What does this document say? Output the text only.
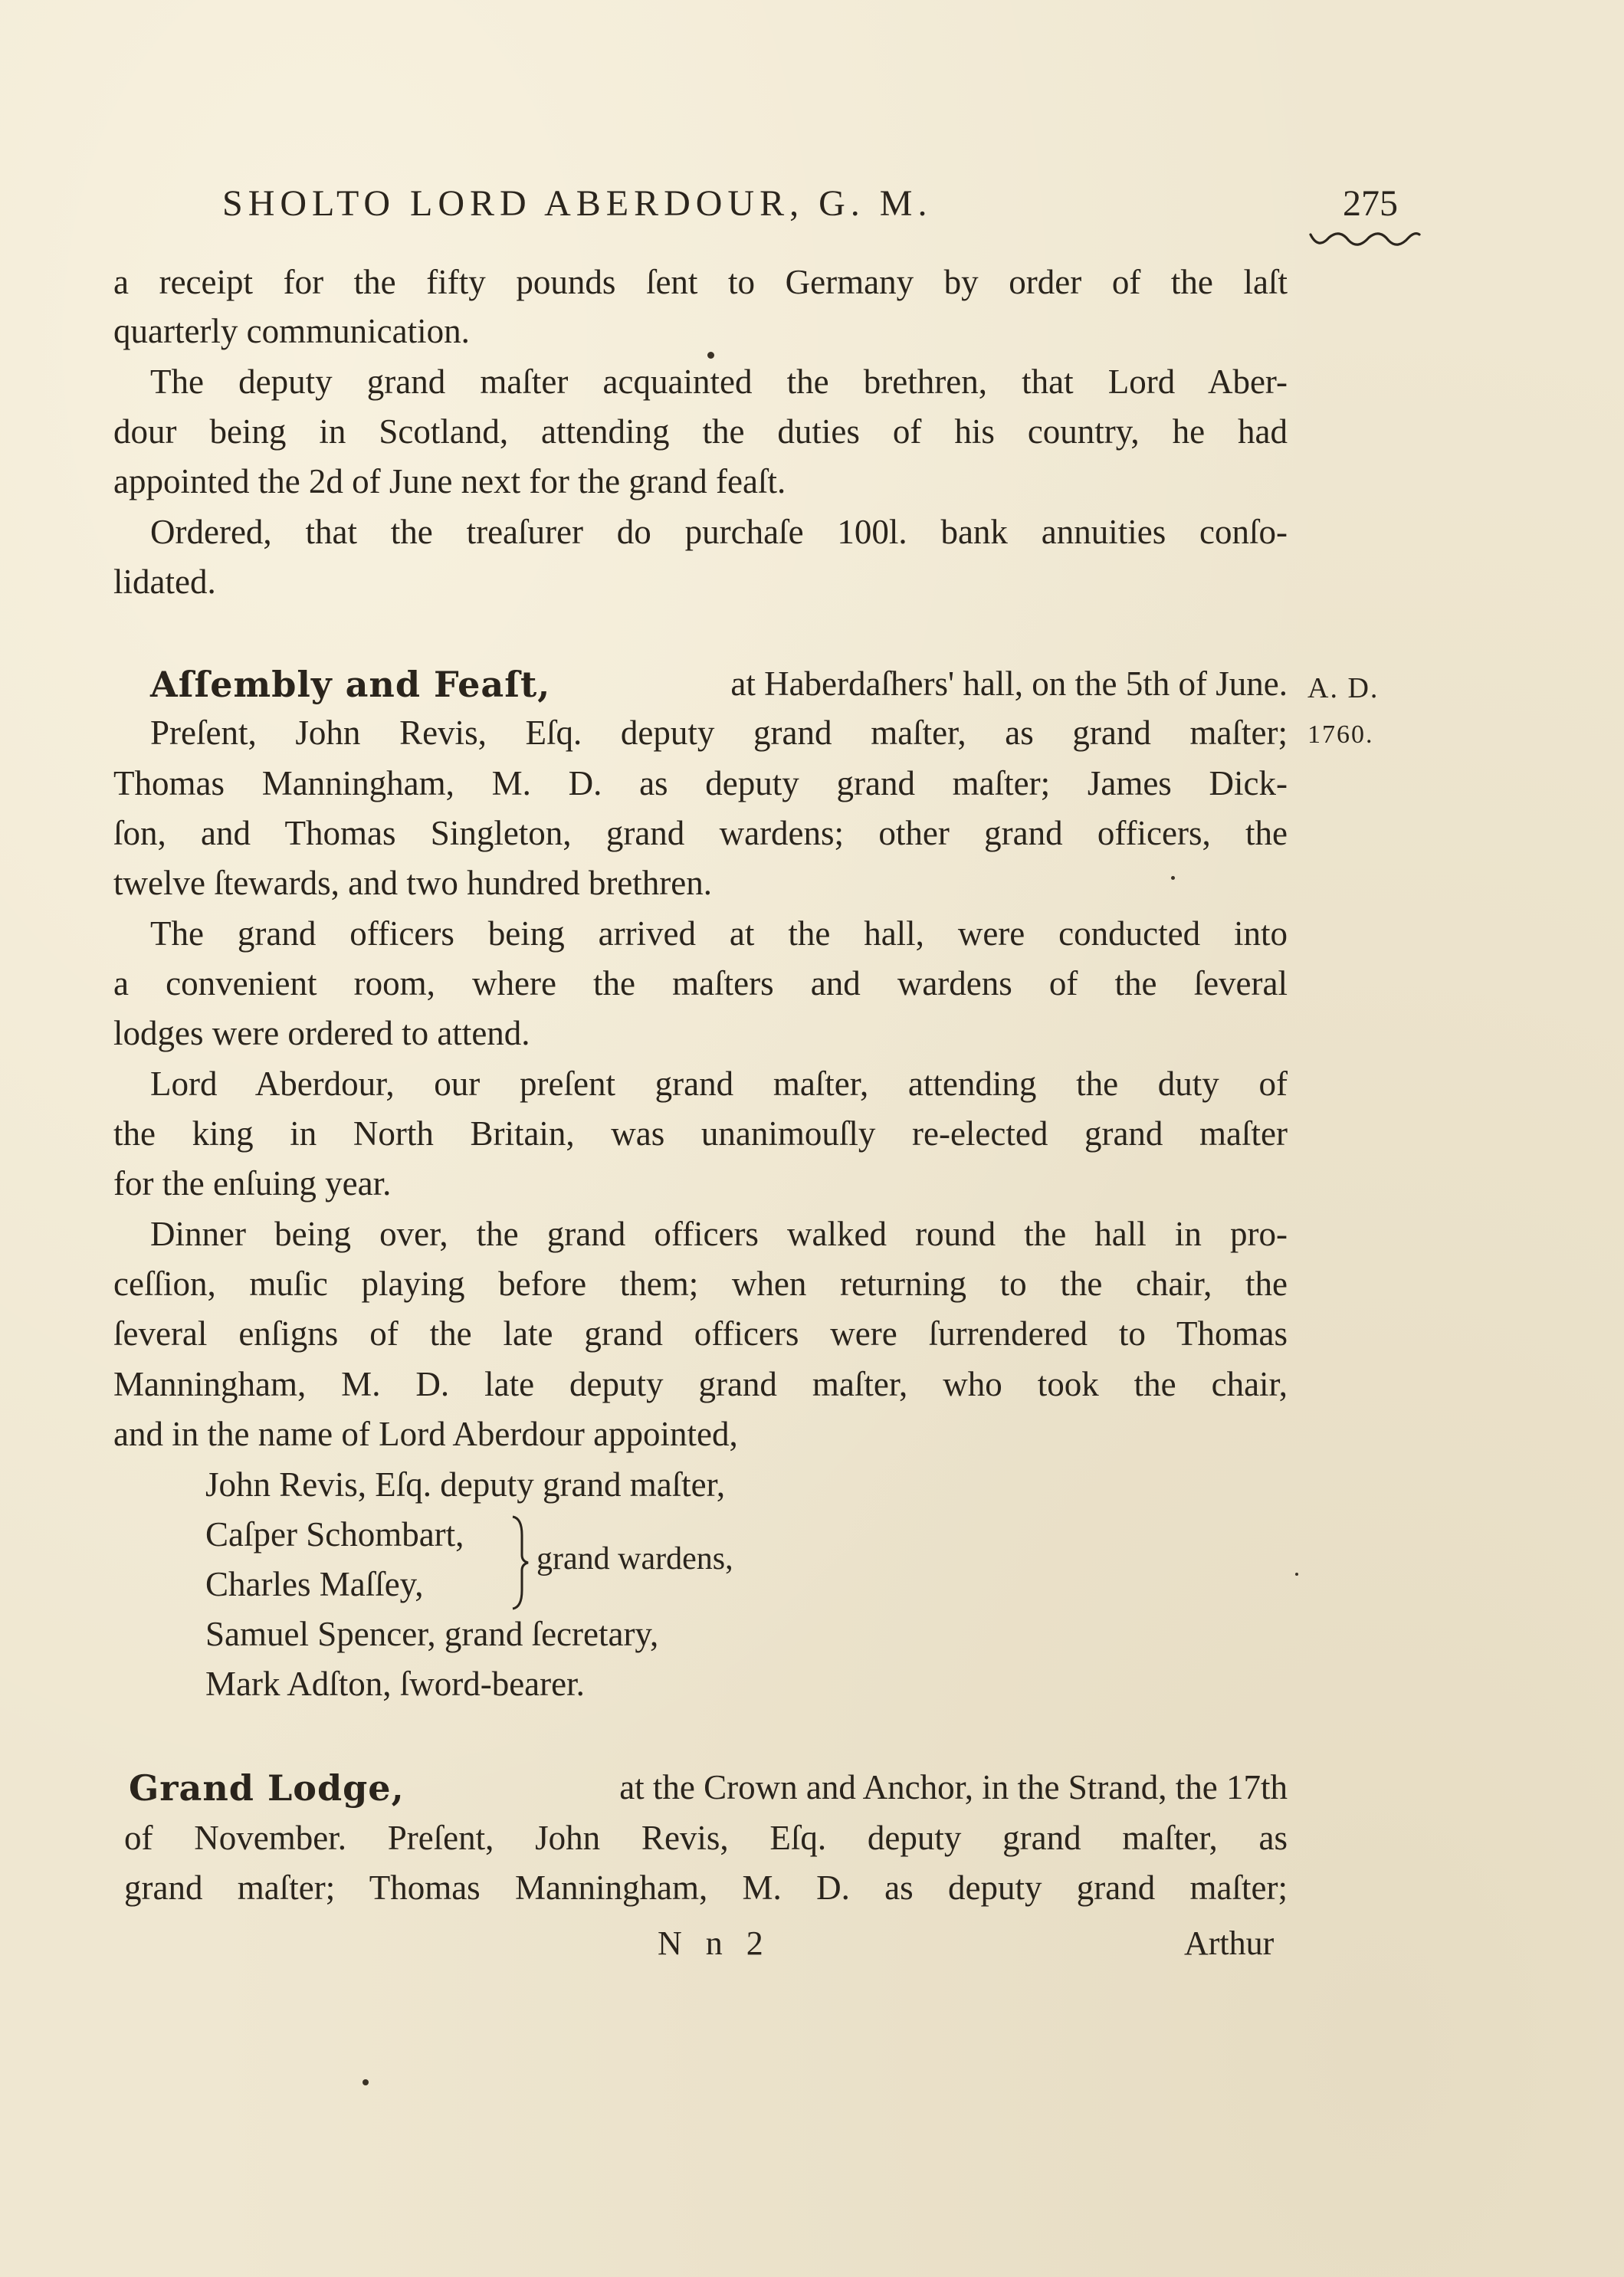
SHOLTO LORD ABERDOUR, G. M.	275
a receipt for the fifty pounds ſent to Germany by order of the laſt
quarterly communication.
The deputy grand maſter acquainted the brethren, that Lord Aber-
dour being in Scotland, attending the duties of his country, he had
appointed the 2d of June next for the grand feaſt.
Ordered, that the treaſurer do purchaſe 100l. bank annuities conſo-
lidated.
Aſſembly and Feaſt,	at Haberdaſhers' hall, on the 5th of June. A. D.
1760.
Preſent, John Revis, Eſq. deputy grand maſter, as grand maſter;
Thomas Manningham, M. D. as deputy grand maſter; James Dick-
ſon, and Thomas Singleton, grand wardens; other grand officers, the
twelve ſtewards, and two hundred brethren.
The grand officers being arrived at the hall, were conducted into
a convenient room, where the maſters and wardens of the ſeveral
lodges were ordered to attend.
Lord Aberdour, our preſent grand maſter, attending the duty of
the king in North Britain, was unanimouſly re-elected grand maſter
for the enſuing year.
Dinner being over, the grand officers walked round the hall in pro-
ceſſion, muſic playing before them; when returning to the chair, the
ſeveral enſigns of the late grand officers were ſurrendered to Thomas
Manningham, M. D. late deputy grand maſter, who took the chair,
and in the name of Lord Aberdour appointed,
John Revis, Eſq. deputy grand maſter,
Caſper Schombart,
Charles Maſſey,
grand wardens,
Samuel Spencer, grand ſecretary,
Mark Adſton, ſword-bearer.
Grand Lodge,	at the Crown and Anchor, in the Strand, the 17th
of November. Preſent, John Revis, Eſq. deputy grand maſter, as
grand maſter; Thomas Manningham, M. D. as deputy grand maſter;
N n 2	Arthur
